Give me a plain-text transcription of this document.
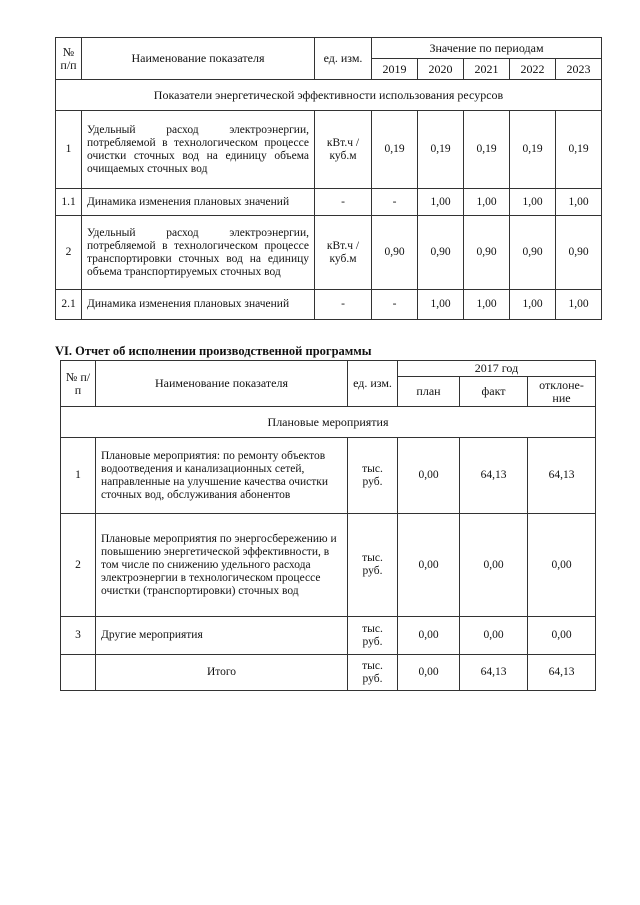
№ п/п	Наименование показателя	ед. изм.	Значение по периодам				
			2019	2020	2021	2022	2023
Показатели энергетической эффективности использования ресурсов							
1	Удельный расход электроэнергии, потребляемой в технологическом процессе очистки сточных вод на единицу объема очищаемых сточных вод	кВт.ч / куб.м	0,19	0,19	0,19	0,19	0,19
1.1	Динамика изменения плановых значений	-	-	1,00	1,00	1,00	1,00
2	Удельный расход электроэнергии, потребляемой в технологическом процессе транспортировки сточных вод на единицу объема транспортируемых сточных вод	кВт.ч / куб.м	0,90	0,90	0,90	0,90	0,90
2.1	Динамика изменения плановых значений	-	-	1,00	1,00	1,00	1,00
VI. Отчет об исполнении производственной программы
№ п/п	Наименование показателя	ед. изм.	2017 год		
			план	факт	отклоне-ние
Плановые мероприятия					
1	Плановые мероприятия: по ремонту объектов водоотведения и канализационных сетей, направленные на улучшение качества очистки сточных вод, обслуживания абонентов	тыс. руб.	0,00	64,13	64,13
2	Плановые мероприятия по энергосбережению и повышению энергетической эффективности, в том числе по снижению удельного расхода электроэнергии в технологическом процессе очистки (транспортировки) сточных вод	тыс. руб.	0,00	0,00	0,00
3	Другие мероприятия	тыс. руб.	0,00	0,00	0,00
	Итого	тыс. руб.	0,00	64,13	64,13
